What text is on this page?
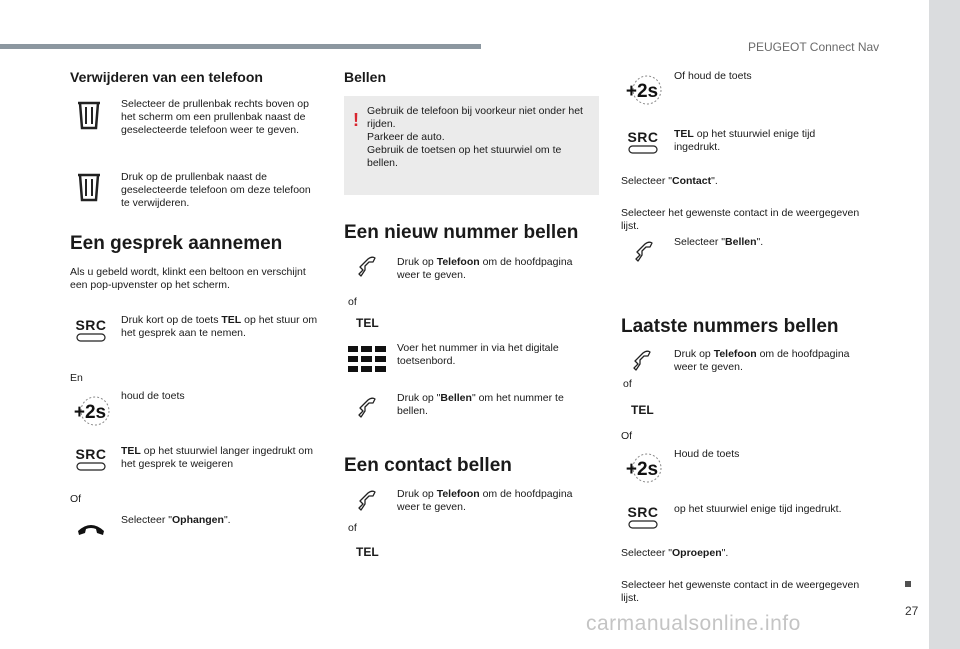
PEUGEOT Connect Nav
27
carmanualsonline.info
Verwijderen van een telefoon
Selecteer de prullenbak rechts boven op het scherm om een prullenbak naast de geselecteerde telefoon weer te geven.
Druk op de prullenbak naast de geselecteerde telefoon om deze telefoon te verwijderen.
Een gesprek aannemen
Als u gebeld wordt, klinkt een beltoon en verschijnt een pop-upvenster op het scherm.
SRC	Druk kort op de toets TEL op het stuur om het gesprek aan te nemen.
En
+2s
houd de toets
SRC	TEL op het stuurwiel langer ingedrukt om het gesprek te weigeren
Of
Selecteer "Ophangen".
Bellen
! Gebruik de telefoon bij voorkeur niet onder het rijden.
Parkeer de auto.
Gebruik de toetsen op het stuurwiel om te bellen.
Een nieuw nummer bellen
of
TEL
Druk op Telefoon om de hoofdpagina weer te geven.
Voer het nummer in via het digitale toetsenbord.
Druk op "Bellen" om het nummer te bellen.
Een contact bellen
of
TEL
Druk op Telefoon om de hoofdpagina weer te geven.
+2s
Of houd de toets
SRC	TEL op het stuurwiel enige tijd ingedrukt.
Selecteer "Contact".
Selecteer het gewenste contact in de weergegeven lijst.
Selecteer "Bellen".
Laatste nummers bellen
of
TEL
Druk op Telefoon om de hoofdpagina weer te geven.
Of
+2s
Houd de toets
SRC	op het stuurwiel enige tijd ingedrukt.
Selecteer "Oproepen".
Selecteer het gewenste contact in de weergegeven lijst.
